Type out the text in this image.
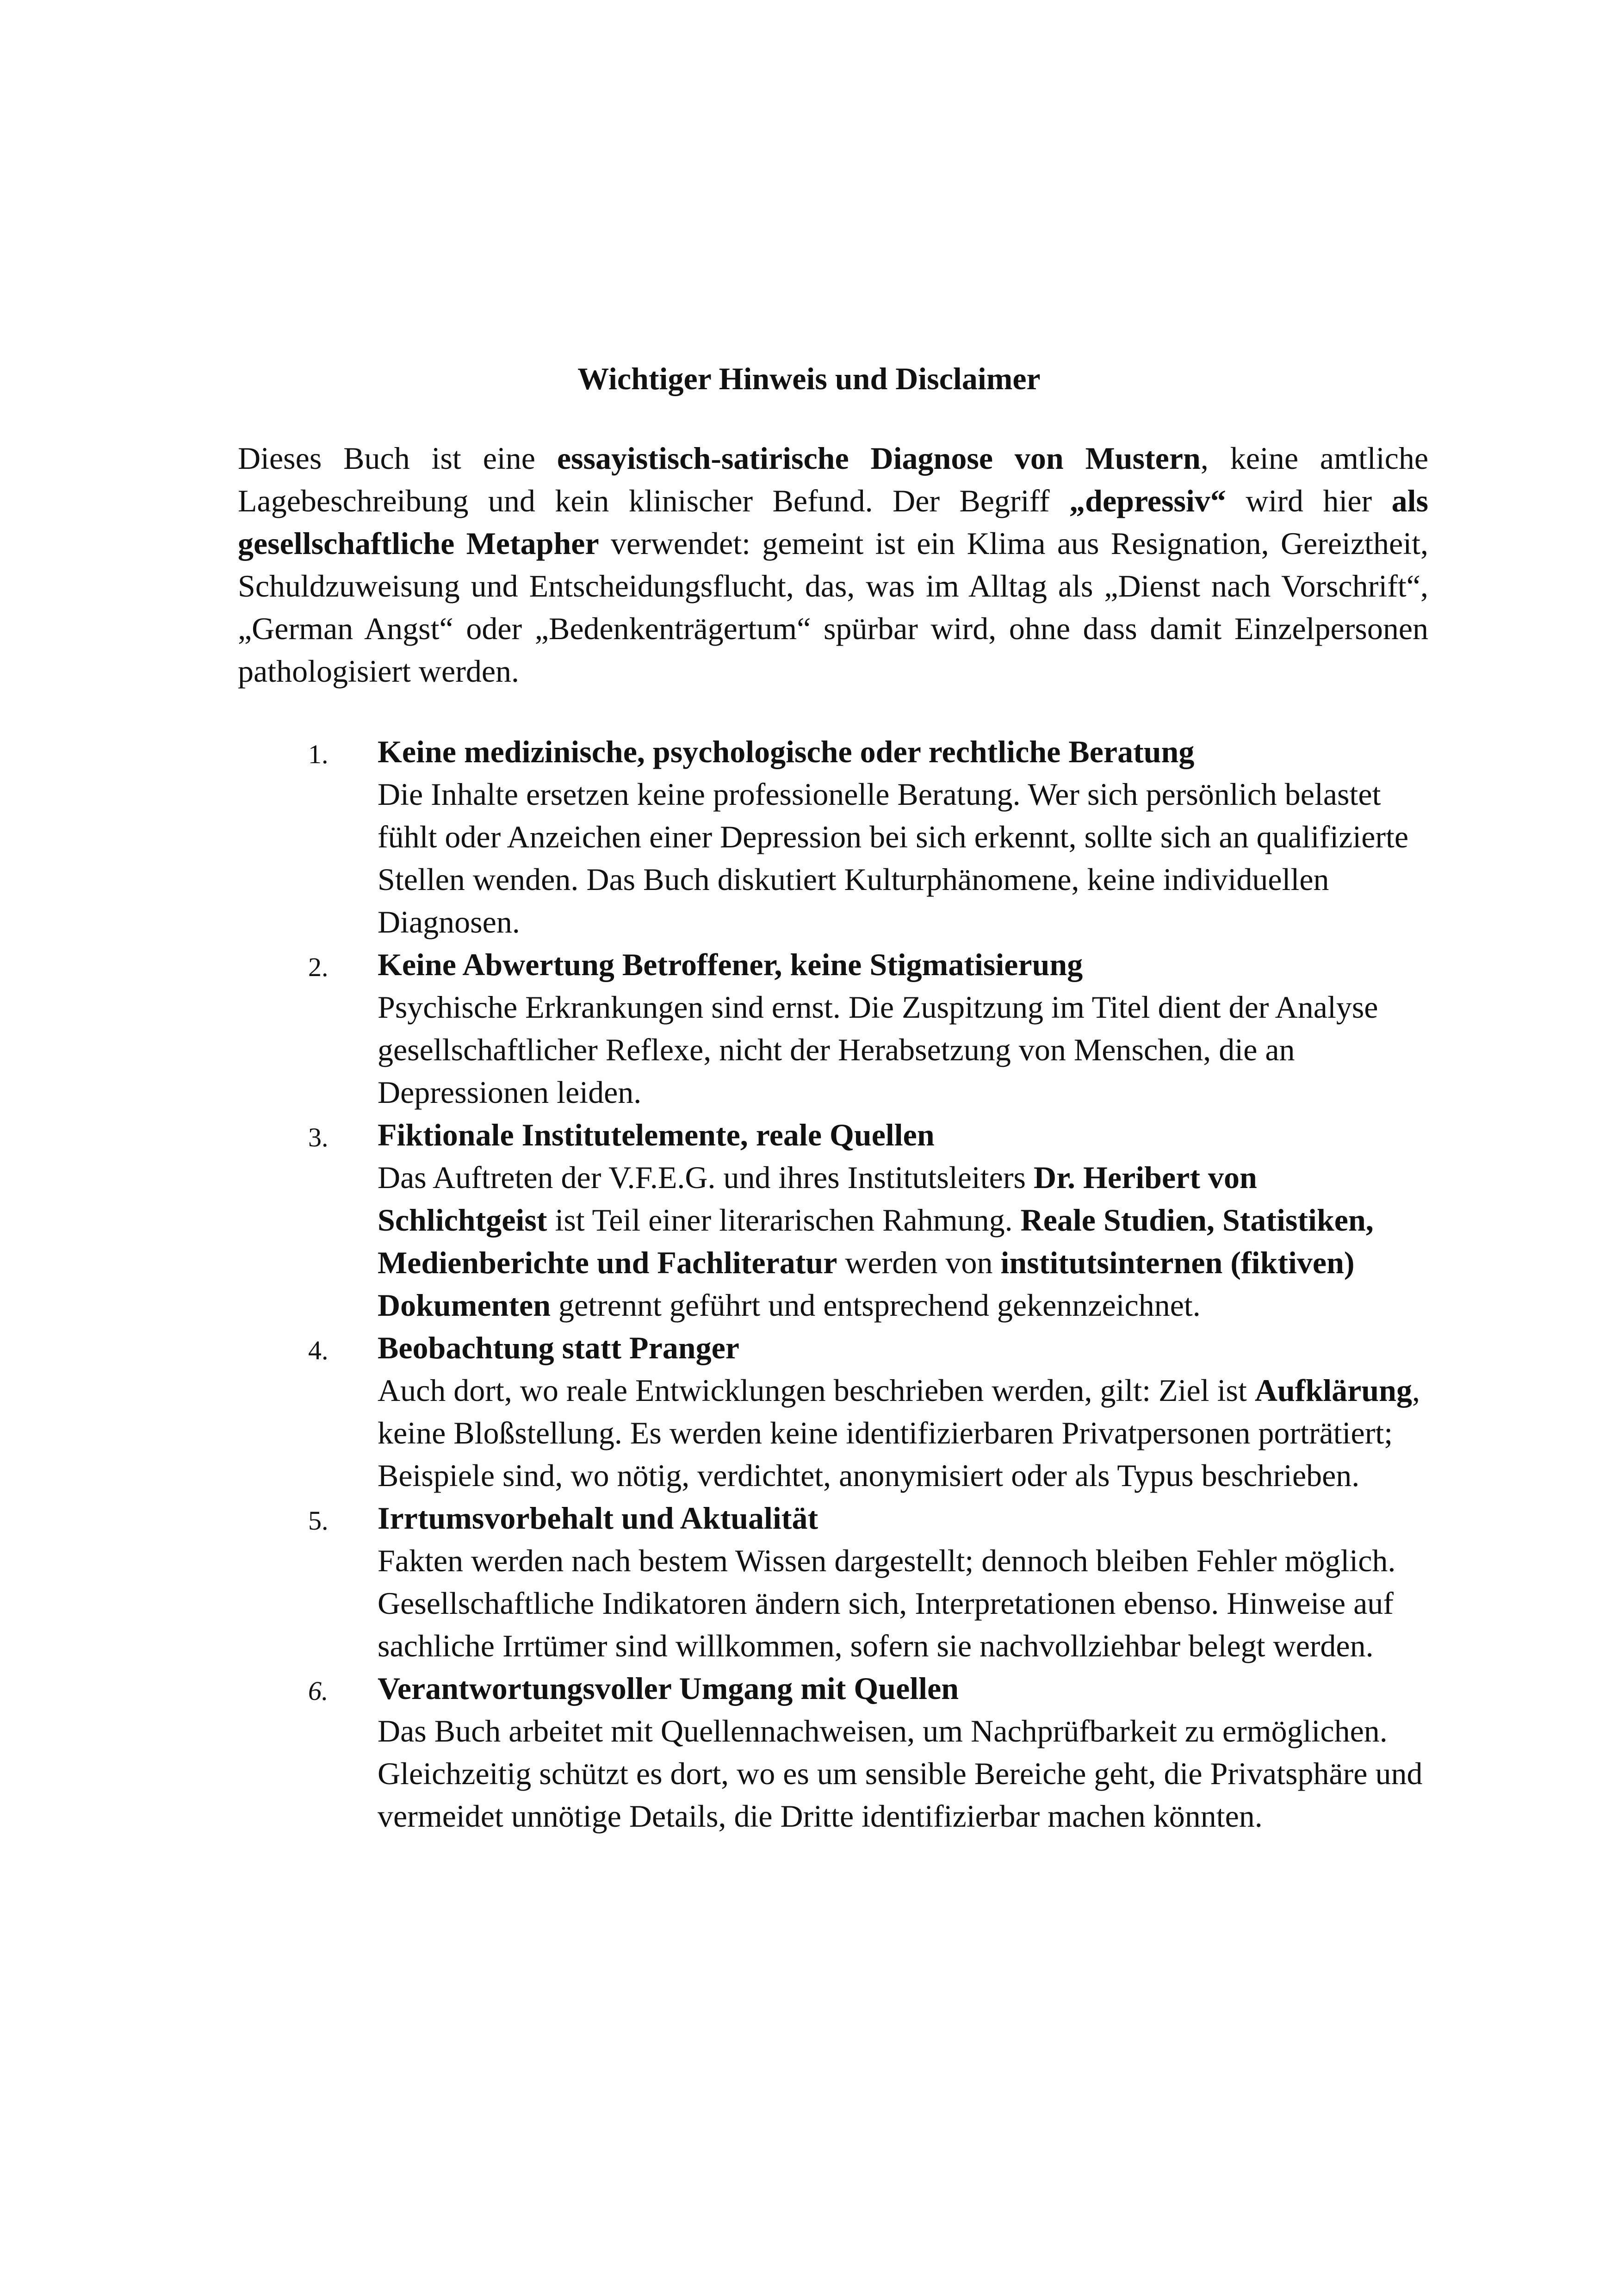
Wichtiger Hinweis und Disclaimer

Dieses Buch ist eine essayistisch-satirische Diagnose von Mustern, keine amtliche Lagebeschreibung und kein klinischer Befund. Der Begriff „depressiv“ wird hier als gesellschaftliche Metapher verwendet: gemeint ist ein Klima aus Resignation, Gereiztheit, Schuldzuweisung und Entscheidungsflucht, das, was im Alltag als „Dienst nach Vorschrift“, „German Angst“ oder „Bedenkenträgertum“ spürbar wird, ohne dass damit Einzelpersonen pathologisiert werden.

1. Keine medizinische, psychologische oder rechtliche Beratung
Die Inhalte ersetzen keine professionelle Beratung. Wer sich persönlich belastet fühlt oder Anzeichen einer Depression bei sich erkennt, sollte sich an qualifizierte Stellen wenden. Das Buch diskutiert Kulturphänomene, keine individuellen Diagnosen.
2. Keine Abwertung Betroffener, keine Stigmatisierung
Psychische Erkrankungen sind ernst. Die Zuspitzung im Titel dient der Analyse gesellschaftlicher Reflexe, nicht der Herabsetzung von Menschen, die an Depressionen leiden.
3. Fiktionale Institutelemente, reale Quellen
Das Auftreten der V.F.E.G. und ihres Institutsleiters Dr. Heribert von Schlichtgeist ist Teil einer literarischen Rahmung. Reale Studien, Statistiken, Medienberichte und Fachliteratur werden von institutsinternen (fiktiven) Dokumenten getrennt geführt und entsprechend gekennzeichnet.
4. Beobachtung statt Pranger
Auch dort, wo reale Entwicklungen beschrieben werden, gilt: Ziel ist Aufklärung, keine Bloßstellung. Es werden keine identifizierbaren Privatpersonen porträtiert; Beispiele sind, wo nötig, verdichtet, anonymisiert oder als Typus beschrieben.
5. Irrtumsvorbehalt und Aktualität
Fakten werden nach bestem Wissen dargestellt; dennoch bleiben Fehler möglich. Gesellschaftliche Indikatoren ändern sich, Interpretationen ebenso. Hinweise auf sachliche Irrtümer sind willkommen, sofern sie nachvollziehbar belegt werden.
6. Verantwortungsvoller Umgang mit Quellen
Das Buch arbeitet mit Quellennachweisen, um Nachprüfbarkeit zu ermöglichen. Gleichzeitig schützt es dort, wo es um sensible Bereiche geht, die Privatsphäre und vermeidet unnötige Details, die Dritte identifizierbar machen könnten.
